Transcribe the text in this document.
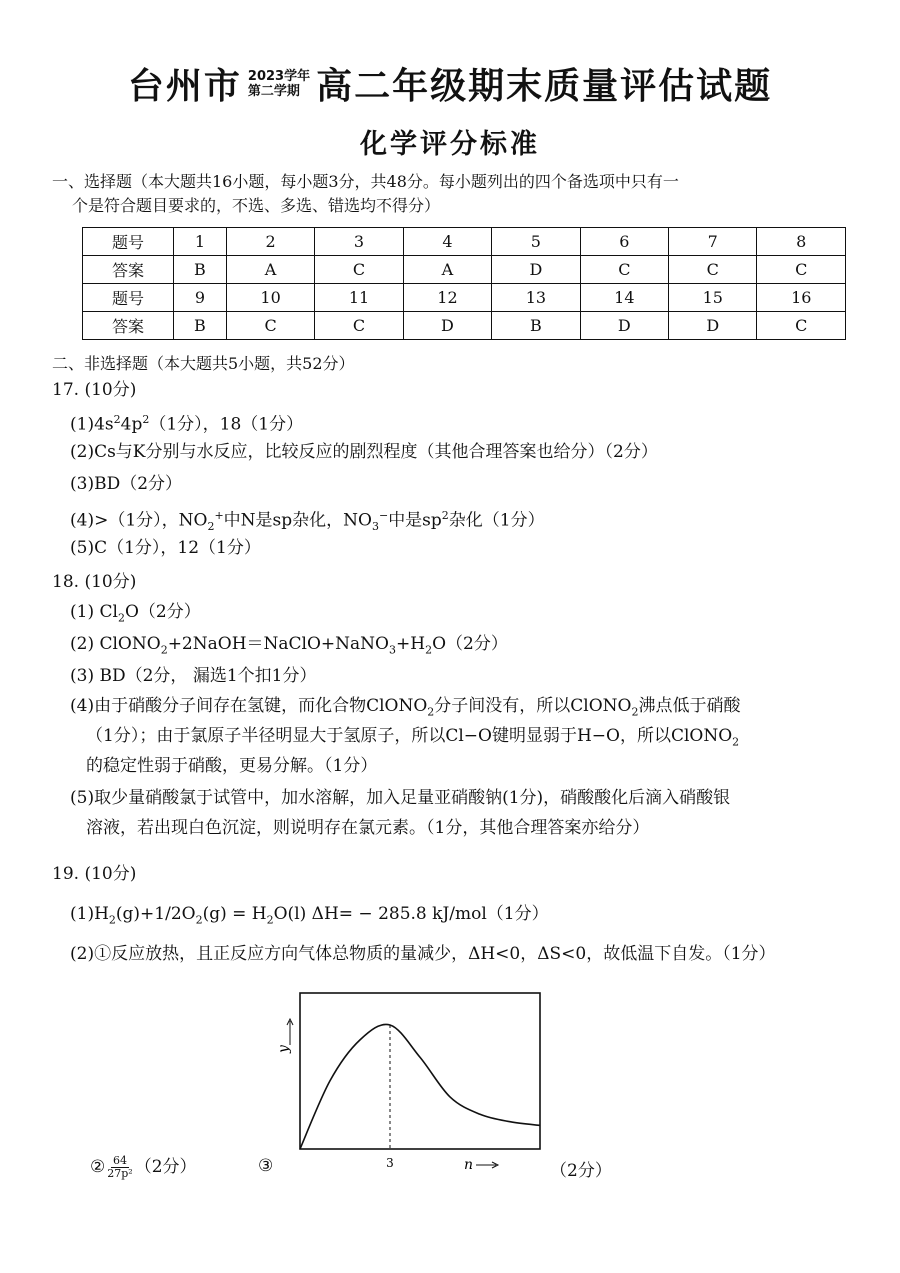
台州市 2023学年
第二学期 高二年级期末质量评估试题
化学评分标准
一、选择题（本大题共16小题，每小题3分，共48分。每小题列出的四个备选项中只有一
个是符合题目要求的，不选、多选、错选均不得分）
题号	1	2	3	4	5	6	7	8
答案	B	A	C	A	D	C	C	C
题号	9	10	11	12	13	14	15	16
答案	B	C	C	D	B	D	D	C
二、非选择题（本大题共5小题，共52分）
17. (10分)
$(1)4s^24p^2(1$分），18（1分）
(2)Cs与K分别与水反应，比较反应的剧烈程度（其他合理答案也给分）（2分）
(3)BD（2分）
(4)>（1分），$NO_2^+$中N是sp杂化，$NO_3^-$中是$sp^2$杂化（1分）
(5)C（1分），12（1分）
18. (10分)
(1) $Cl_2O(2$分）
(2) $ClONO_2+2NaOH=NaClO+NaNO_3+H_2O(2$分）
(3) BD（2分， 漏选1个扣1分）
(4)由于硝酸分子间存在氢键，而化合物ClONO$_2$分子间没有，所以ClONO$_2$沸点低于硝酸
（1分）；由于氯原子半径明显大于氢原子，所以Cl−O键明显弱于H−O，所以ClONO$_2$
的稳定性弱于硝酸，更易分解。（1分）
(5)取少量硝酸氯于试管中，加水溶解，加入足量亚硝酸钠(1分)，硝酸酸化后滴入硝酸银
溶液，若出现白色沉淀，则说明存在氯元素。（1分，其他合理答案亦给分）
19. (10分)
$(1)H_2(g)+1/2O_2(g) = H_2O(l) \Delta H= - 285.8$ kJ/mol（1分）
(2)①反应放热，且正反应方向气体总物质的量减少，ΔH<0，ΔS<0，故低温下自发。（1分）
② $\frac{64}{\text{27p²}} (2$分）	③	（2分）
y
3	n
